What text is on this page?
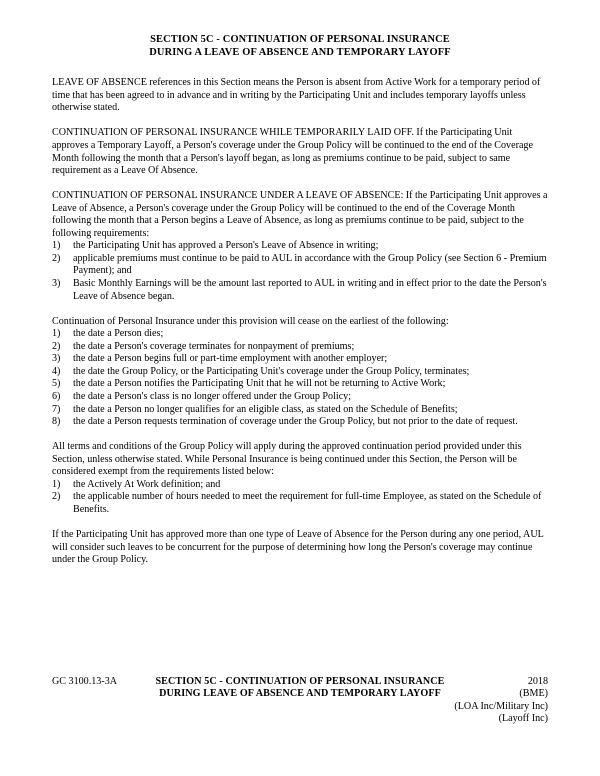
SECTION 5C - CONTINUATION OF PERSONAL INSURANCE
DURING A LEAVE OF ABSENCE AND TEMPORARY LAYOFF

LEAVE OF ABSENCE references in this Section means the Person is absent from Active Work for a temporary period of time that has been agreed to in advance and in writing by the Participating Unit and includes temporary layoffs unless otherwise stated.

CONTINUATION OF PERSONAL INSURANCE WHILE TEMPORARILY LAID OFF. If the Participating Unit approves a Temporary Layoff, a Person's coverage under the Group Policy will be continued to the end of the Coverage Month following the month that a Person's layoff began, as long as premiums continue to be paid, subject to same requirement as a Leave Of Absence.

CONTINUATION OF PERSONAL INSURANCE UNDER A LEAVE OF ABSENCE: If the Participating Unit approves a Leave of Absence, a Person's coverage under the Group Policy will be continued to the end of the Coverage Month following the month that a Person begins a Leave of Absence, as long as premiums continue to be paid, subject to the following requirements:

1)	the Participating Unit has approved a Person's Leave of Absence in writing;
2)	applicable premiums must continue to be paid to AUL in accordance with the Group Policy (see Section 6 - Premium Payment); and
3)	Basic Monthly Earnings will be the amount last reported to AUL in writing and in effect prior to the date the Person's Leave of Absence began.

Continuation of Personal Insurance under this provision will cease on the earliest of the following:

1)	the date a Person dies;
2)	the date a Person's coverage terminates for nonpayment of premiums;
3)	the date a Person begins full or part-time employment with another employer;
4)	the date the Group Policy, or the Participating Unit's coverage under the Group Policy, terminates;
5)	the date a Person notifies the Participating Unit that he will not be returning to Active Work;
6)	the date a Person's class is no longer offered under the Group Policy;
7)	the date a Person no longer qualifies for an eligible class, as stated on the Schedule of Benefits;
8)	the date a Person requests termination of coverage under the Group Policy, but not prior to the date of request.

All terms and conditions of the Group Policy will apply during the approved continuation period provided under this Section, unless otherwise stated. While Personal Insurance is being continued under this Section, the Person will be considered exempt from the requirements listed below:

1)	the Actively At Work definition; and
2)	the applicable number of hours needed to meet the requirement for full-time Employee, as stated on the Schedule of Benefits.

If the Participating Unit has approved more than one type of Leave of Absence for the Person during any one period, AUL will consider such leaves to be concurrent for the purpose of determining how long the Person's coverage may continue under the Group Policy.

GC 3100.13-3A	SECTION 5C - CONTINUATION OF PERSONAL INSURANCE
DURING LEAVE OF ABSENCE AND TEMPORARY LAYOFF
2018
(BME)
(LOA Inc/Military Inc)
(Layoff Inc)
